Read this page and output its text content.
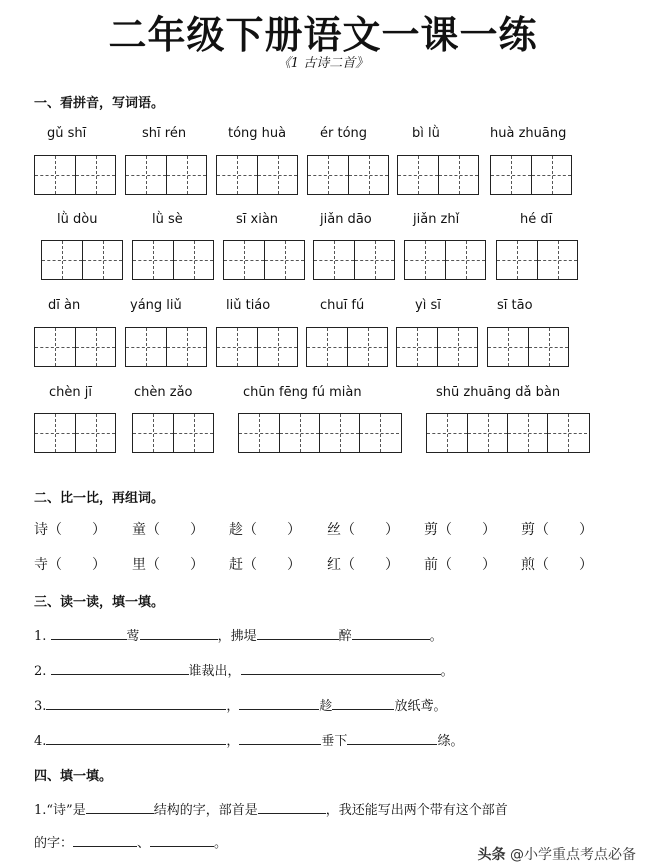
二年级下册语文一课一练
《1 古诗二首》
一、看拼音，写词语。
gǔ shī	shī rén	tóng huà	ér tóng	bì lǜ	huà zhuāng
lǜ dòu	lǜ sè	sī xiàn	jiǎn dāo	jiǎn zhǐ	hé dī
dī àn	yáng liǔ	liǔ tiáo	chuī fú	yì sī	sī tāo
chèn jī	chèn zǎo	chūn fēng fú miàn	shū zhuāng dǎ bàn
二、比一比，再组词。
诗（ ） 童（ ） 趁（ ） 丝（ ） 剪（ ） 剪（ ）
寺（ ） 里（ ） 赶（ ） 红（ ） 前（ ） 煎（ ）
三、读一读，填一填。
1.	莺	，拂堤	醉	。
2.	谁裁出，	。
3.	，	趁	放纸鸢。
4.	，	垂下	绦。
四、填一填。
1.“诗”是	结构的字，部首是	，我还能写出两个带有这个部首
的字：	、	。
头条 @小学重点考点必备
